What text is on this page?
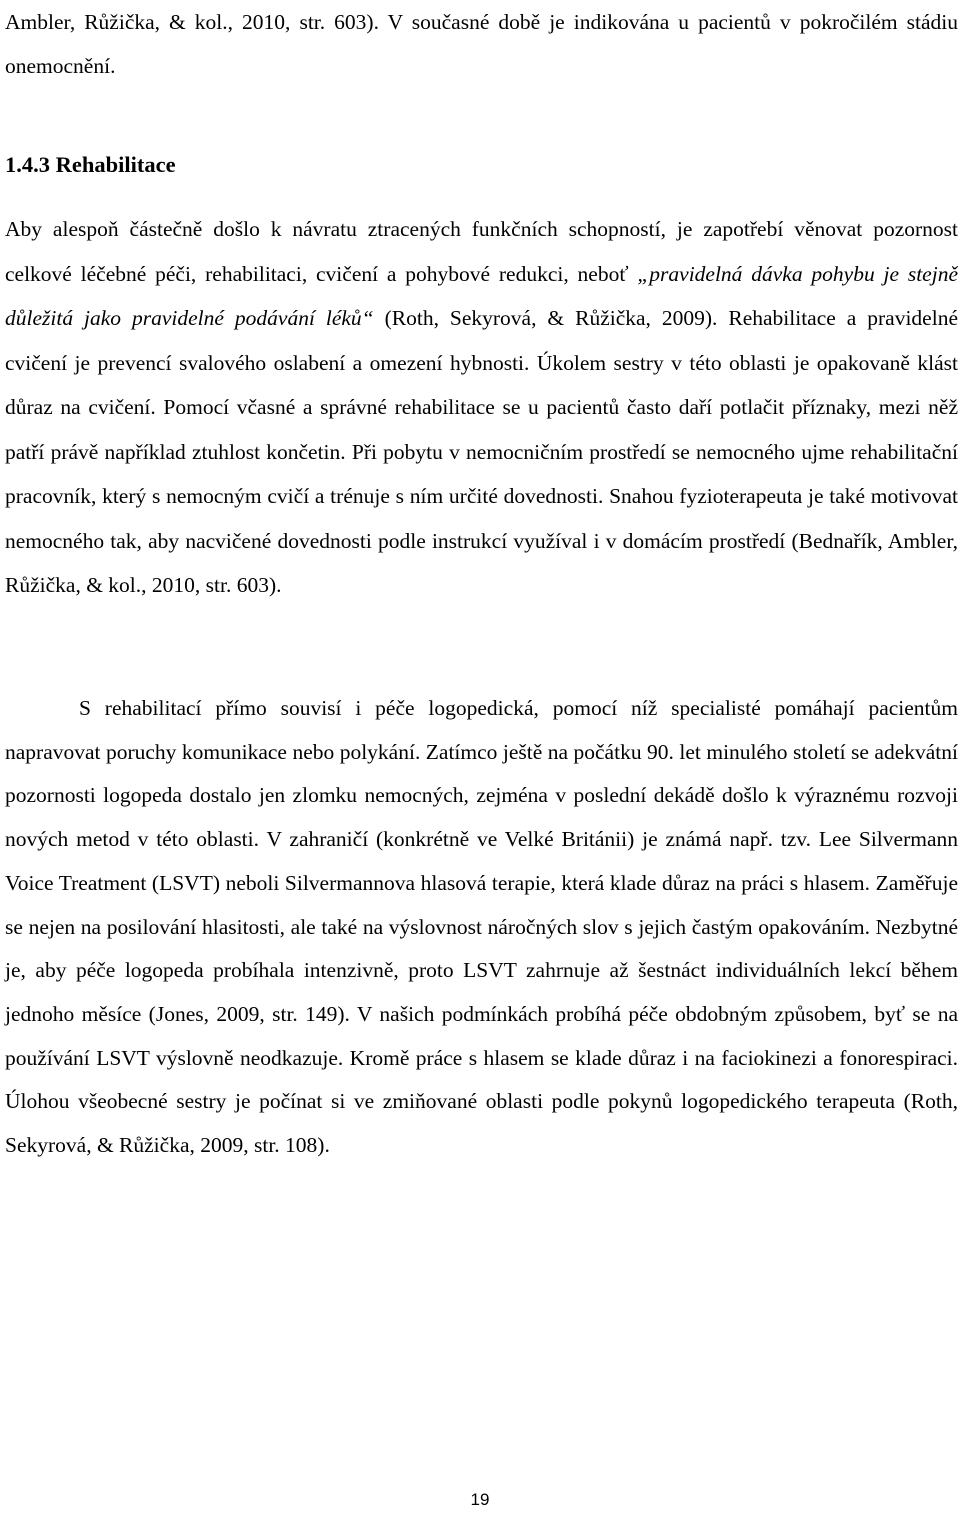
Ambler, Růžička, & kol., 2010, str. 603). V současné době je indikována u pacientů v pokročilém stádiu onemocnění.

1.4.3 Rehabilitace

Aby alespoň částečně došlo k návratu ztracených funkčních schopností, je zapotřebí věnovat pozornost celkové léčebné péči, rehabilitaci, cvičení a pohybové redukci, neboť „pravidelná dávka pohybu je stejně důležitá jako pravidelné podávání léků“ (Roth, Sekyrová, & Růžička, 2009). Rehabilitace a pravidelné cvičení je prevencí svalového oslabení a omezení hybnosti. Úkolem sestry v této oblasti je opakovaně klást důraz na cvičení. Pomocí včasné a správné rehabilitace se u pacientů často daří potlačit příznaky, mezi něž patří právě například ztuhlost končetin. Při pobytu v nemocničním prostředí se nemocného ujme rehabilitační pracovník, který s nemocným cvičí a trénuje s ním určité dovednosti. Snahou fyzioterapeuta je také motivovat nemocného tak, aby nacvičené dovednosti podle instrukcí využíval i v domácím prostředí (Bednařík, Ambler, Růžička, & kol., 2010, str. 603).

S rehabilitací přímo souvisí i péče logopedická, pomocí níž specialisté pomáhají pacientům napravovat poruchy komunikace nebo polykání. Zatímco ještě na počátku 90. let minulého století se adekvátní pozornosti logopeda dostalo jen zlomku nemocných, zejména v poslední dekádě došlo k výraznému rozvoji nových metod v této oblasti. V zahraničí (konkrétně ve Velké Británii) je známá např. tzv. Lee Silvermann Voice Treatment (LSVT) neboli Silvermannova hlasová terapie, která klade důraz na práci s hlasem. Zaměřuje se nejen na posilování hlasitosti, ale také na výslovnost náročných slov s jejich častým opakováním. Nezbytné je, aby péče logopeda probíhala intenzivně, proto LSVT zahrnuje až šestnáct individuálních lekcí během jednoho měsíce (Jones, 2009, str. 149). V našich podmínkách probíhá péče obdobným způsobem, byť se na používání LSVT výslovně neodkazuje. Kromě práce s hlasem se klade důraz i na faciokinezi a fonorespiraci. Úlohou všeobecné sestry je počínat si ve zmiňované oblasti podle pokynů logopedického terapeuta (Roth, Sekyrová, & Růžička, 2009, str. 108).

19
